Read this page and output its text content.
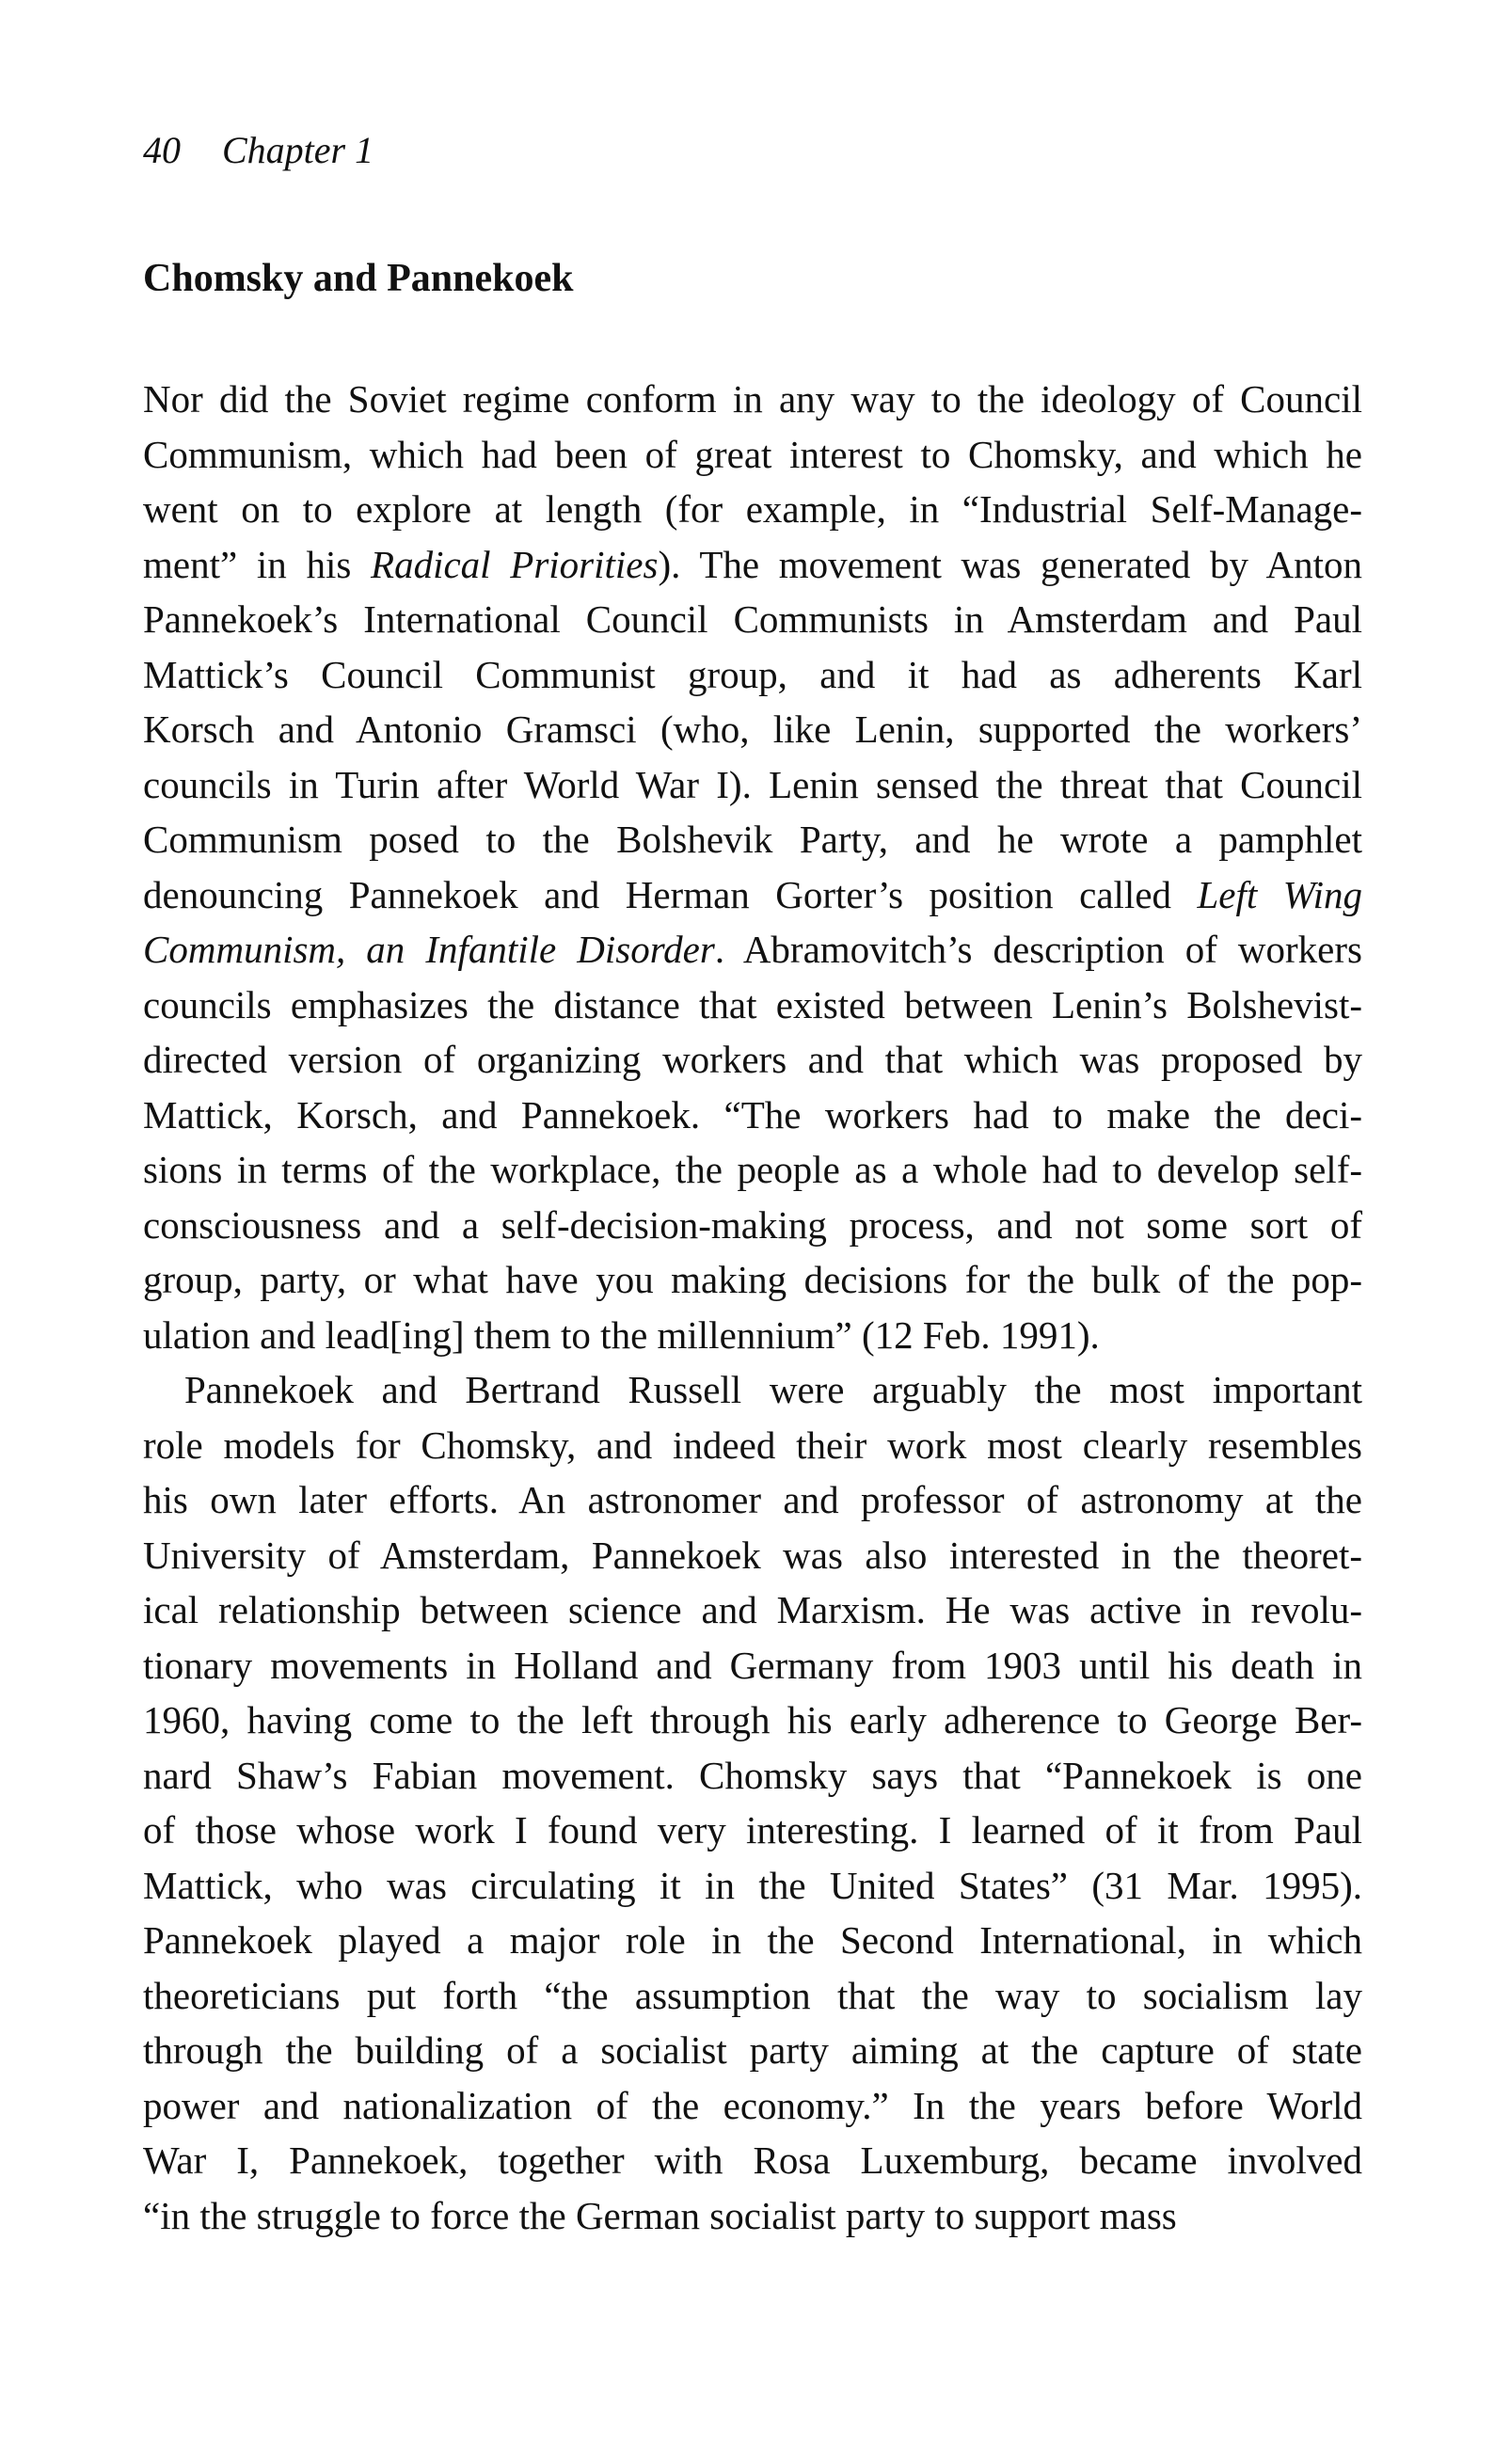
40 Chapter 1
Chomsky and Pannekoek
Nor did the Soviet regime conform in any way to the ideology of Council
Communism, which had been of great interest to Chomsky, and which he
went on to explore at length (for example, in “Industrial Self-Manage-
ment” in his Radical Priorities). The movement was generated by Anton
Pannekoek’s International Council Communists in Amsterdam and Paul
Mattick’s Council Communist group, and it had as adherents Karl
Korsch and Antonio Gramsci (who, like Lenin, supported the workers’
councils in Turin after World War I). Lenin sensed the threat that Council
Communism posed to the Bolshevik Party, and he wrote a pamphlet
denouncing Pannekoek and Herman Gorter’s position called Left Wing
Communism, an Infantile Disorder. Abramovitch’s description of workers
councils emphasizes the distance that existed between Lenin’s Bolshevist-
directed version of organizing workers and that which was proposed by
Mattick, Korsch, and Pannekoek. “The workers had to make the deci-
sions in terms of the workplace, the people as a whole had to develop self-
consciousness and a self-decision-making process, and not some sort of
group, party, or what have you making decisions for the bulk of the pop-
ulation and lead[ing] them to the millennium” (12 Feb. 1991).
Pannekoek and Bertrand Russell were arguably the most important
role models for Chomsky, and indeed their work most clearly resembles
his own later efforts. An astronomer and professor of astronomy at the
University of Amsterdam, Pannekoek was also interested in the theoret-
ical relationship between science and Marxism. He was active in revolu-
tionary movements in Holland and Germany from 1903 until his death in
1960, having come to the left through his early adherence to George Ber-
nard Shaw’s Fabian movement. Chomsky says that “Pannekoek is one
of those whose work I found very interesting. I learned of it from Paul
Mattick, who was circulating it in the United States” (31 Mar. 1995).
Pannekoek played a major role in the Second International, in which
theoreticians put forth “the assumption that the way to socialism lay
through the building of a socialist party aiming at the capture of state
power and nationalization of the economy.” In the years before World
War I, Pannekoek, together with Rosa Luxemburg, became involved
“in the struggle to force the German socialist party to support mass
